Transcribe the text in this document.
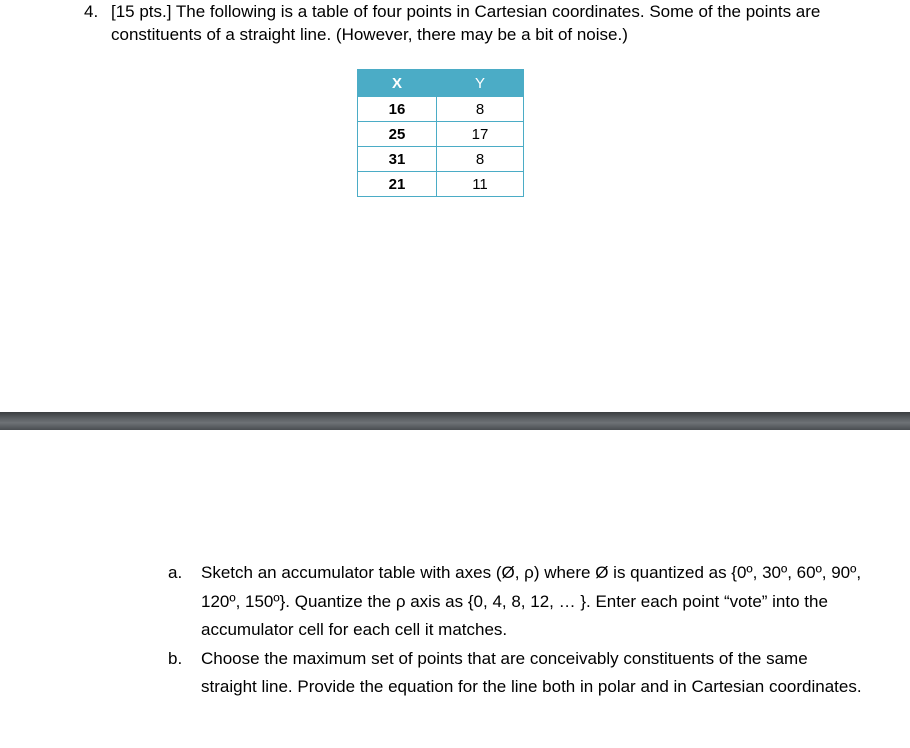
4. [15 pts.] The following is a table of four points in Cartesian coordinates. Some of the points are constituents of a straight line. (However, there may be a bit of noise.)
X	Y
16	8
25	17
31	8
21	11
a. Sketch an accumulator table with axes (Ø, ρ) where Ø is quantized as {0º, 30º, 60º, 90º, 120º, 150º}. Quantize the ρ axis as {0, 4, 8, 12, … }. Enter each point “vote” into the accumulator cell for each cell it matches.
b. Choose the maximum set of points that are conceivably constituents of the same straight line. Provide the equation for the line both in polar and in Cartesian coordinates.
